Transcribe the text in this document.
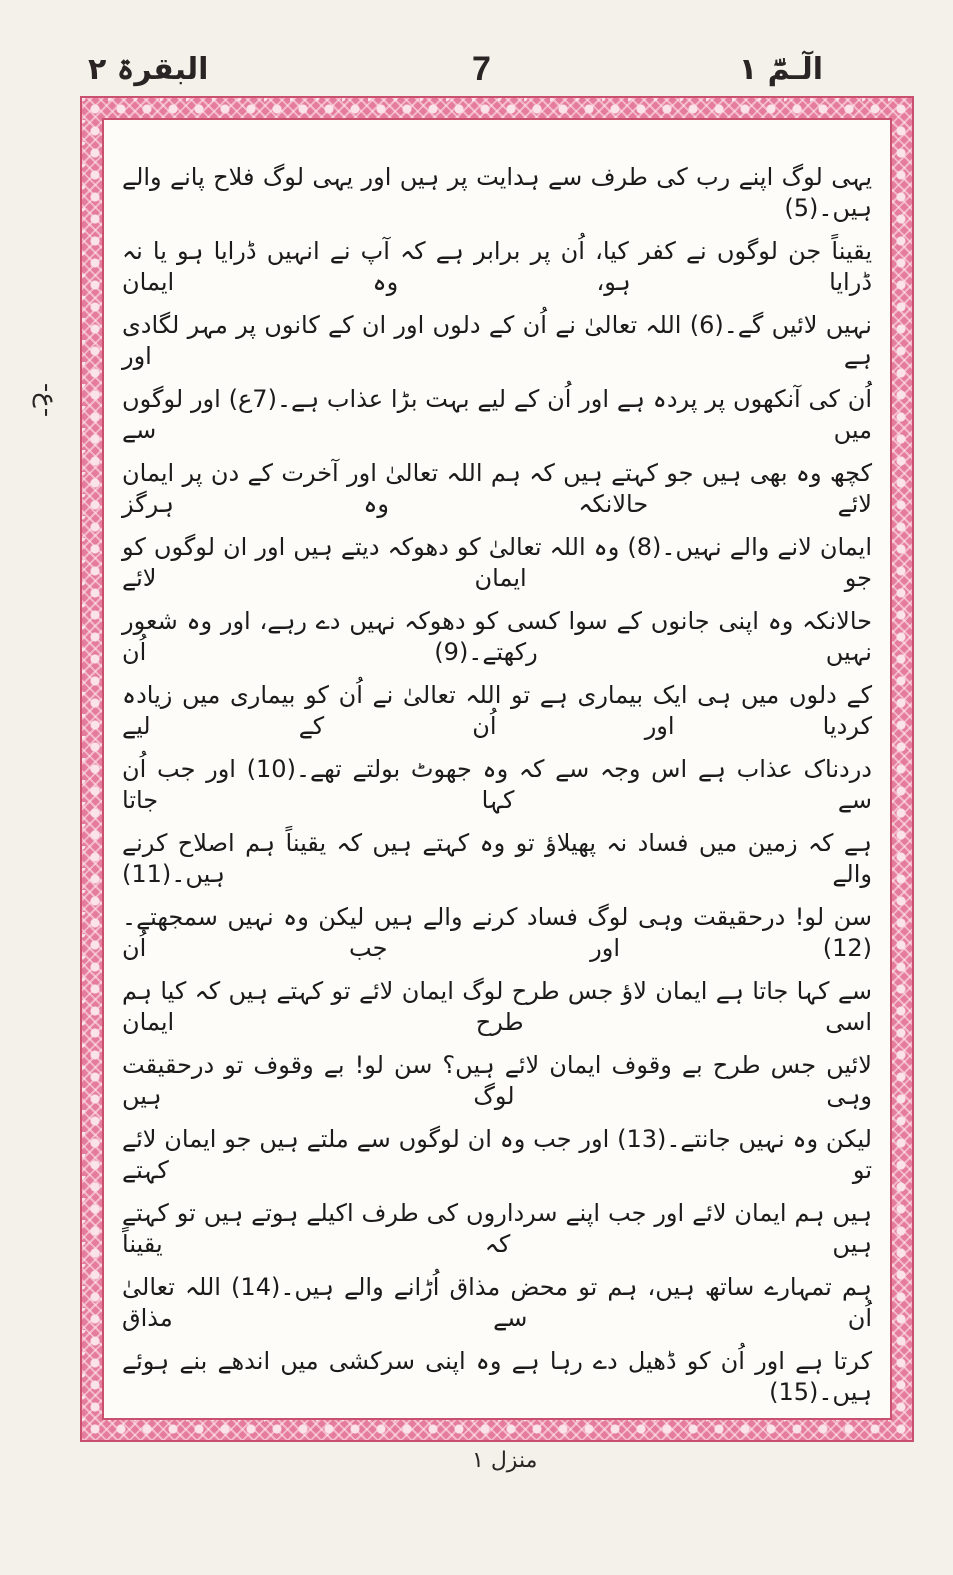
البقرۃ ۲	7	الٓـمّٓ ۱
-ع-
یہی لوگ اپنے رب کی طرف سے ہدایت پر ہیں اور یہی لوگ فلاح پانے والے ہیں۔(5)
یقیناً جن لوگوں نے کفر کیا، اُن پر برابر ہے کہ آپ نے انہیں ڈرایا ہو یا نہ ڈرایا ہو، وہ ایمان
نہیں لائیں گے۔(6) اللہ تعالیٰ نے اُن کے دلوں اور ان کے کانوں پر مہر لگادی ہے اور
اُن کی آنکھوں پر پردہ ہے اور اُن کے لیے بہت بڑا عذاب ہے۔(7ع) اور لوگوں میں سے
کچھ وہ بھی ہیں جو کہتے ہیں کہ ہم اللہ تعالیٰ اور آخرت کے دن پر ایمان لائے حالانکہ وہ ہرگز
ایمان لانے والے نہیں۔(8) وہ اللہ تعالیٰ کو دھوکہ دیتے ہیں اور ان لوگوں کو جو ایمان لائے
حالانکہ وہ اپنی جانوں کے سوا کسی کو دھوکہ نہیں دے رہے، اور وہ شعور نہیں رکھتے۔(9) اُن
کے دلوں میں ہی ایک بیماری ہے تو اللہ تعالیٰ نے اُن کو بیماری میں زیادہ کردیا اور اُن کے لیے
دردناک عذاب ہے اس وجہ سے کہ وہ جھوٹ بولتے تھے۔(10) اور جب اُن سے کہا جاتا
ہے کہ زمین میں فساد نہ پھیلاؤ تو وہ کہتے ہیں کہ یقیناً ہم اصلاح کرنے والے ہیں۔(11)
سن لو! درحقیقت وہی لوگ فساد کرنے والے ہیں لیکن وہ نہیں سمجھتے۔(12) اور جب اُن
سے کہا جاتا ہے ایمان لاؤ جس طرح لوگ ایمان لائے تو کہتے ہیں کہ کیا ہم اسی طرح ایمان
لائیں جس طرح بے وقوف ایمان لائے ہیں؟ سن لو! بے وقوف تو درحقیقت وہی لوگ ہیں
لیکن وہ نہیں جانتے۔(13) اور جب وہ ان لوگوں سے ملتے ہیں جو ایمان لائے تو کہتے
ہیں ہم ایمان لائے اور جب اپنے سرداروں کی طرف اکیلے ہوتے ہیں تو کہتے ہیں کہ یقیناً
ہم تمہارے ساتھ ہیں، ہم تو محض مذاق اُڑانے والے ہیں۔(14) اللہ تعالیٰ اُن سے مذاق
کرتا ہے اور اُن کو ڈھیل دے رہا ہے وہ اپنی سرکشی میں اندھے بنے ہوئے ہیں۔(15)
منزل ۱
